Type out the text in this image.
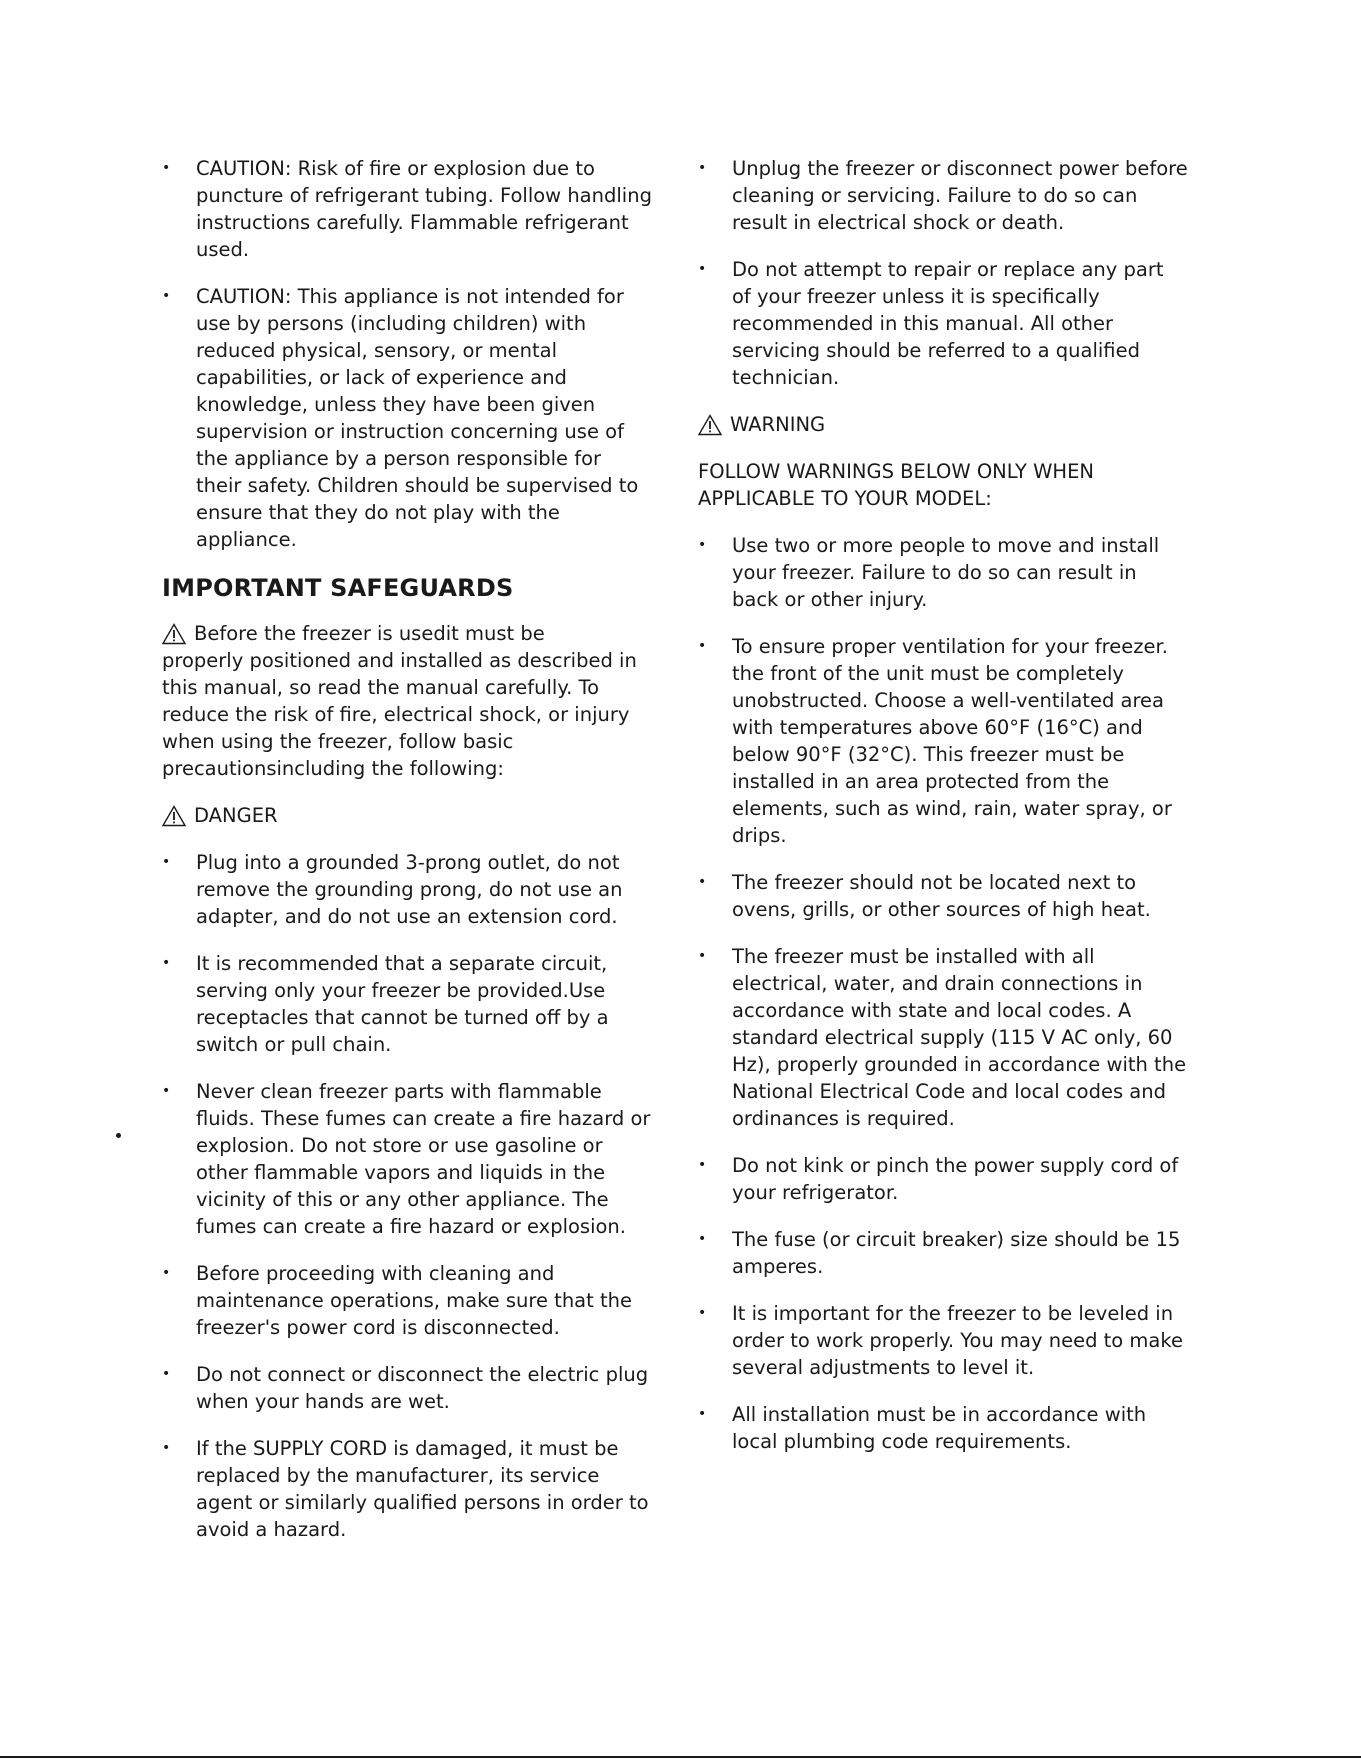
• CAUTION: Risk of fire or explosion due to puncture of refrigerant tubing. Follow handling instructions carefully. Flammable refrigerant used.
• CAUTION: This appliance is not intended for use by persons (including children) with reduced physical, sensory, or mental capabilities, or lack of experience and knowledge, unless they have been given supervision or instruction concerning use of the appliance by a person responsible for their safety. Children should be supervised to ensure that they do not play with the appliance.
IMPORTANT SAFEGUARDS
Before the freezer is usedit must be

properly positioned and installed as described in this manual, so read the manual carefully. To reduce the risk of fire, electrical shock, or injury when using the freezer, follow basic precautionsincluding the following:

DANGER
• Plug into a grounded 3-prong outlet, do not remove the grounding prong, do not use an adapter, and do not use an extension cord.
• It is recommended that a separate circuit, serving only your freezer be provided.Use receptacles that cannot be turned off by a switch or pull chain.
• Never clean freezer parts with flammable fluids. These fumes can create a fire hazard or explosion. Do not store or use gasoline or other flammable vapors and liquids in the vicinity of this or any other appliance. The fumes can create a fire hazard or explosion.
• Before proceeding with cleaning and maintenance operations, make sure that the freezer's power cord is disconnected.
• Do not connect or disconnect the electric plug when your hands are wet.
• If the SUPPLY CORD is damaged, it must be replaced by the manufacturer, its service agent or similarly qualified persons in order to avoid a hazard.
• Unplug the freezer or disconnect power before cleaning or servicing. Failure to do so can result in electrical shock or death.
• Do not attempt to repair or replace any part of your freezer unless it is specifically recommended in this manual. All other servicing should be referred to a qualified technician.
WARNING

FOLLOW WARNINGS BELOW ONLY WHEN APPLICABLE TO YOUR MODEL:

• Use two or more people to move and install your freezer. Failure to do so can result in back or other injury.
• To ensure proper ventilation for your freezer. the front of the unit must be completely unobstructed. Choose a well-ventilated area with temperatures above 60°F (16°C) and below 90°F (32°C). This freezer must be installed in an area protected from the elements, such as wind, rain, water spray, or drips.
• The freezer should not be located next to ovens, grills, or other sources of high heat.
• The freezer must be installed with all electrical, water, and drain connections in accordance with state and local codes. A standard electrical supply (115 V AC only, 60 Hz), properly grounded in accordance with the National Electrical Code and local codes and ordinances is required.
• Do not kink or pinch the power supply cord of your refrigerator.
• The fuse (or circuit breaker) size should be 15 amperes.
• It is important for the freezer to be leveled in order to work properly. You may need to make several adjustments to level it.
• All installation must be in accordance with local plumbing code requirements.
